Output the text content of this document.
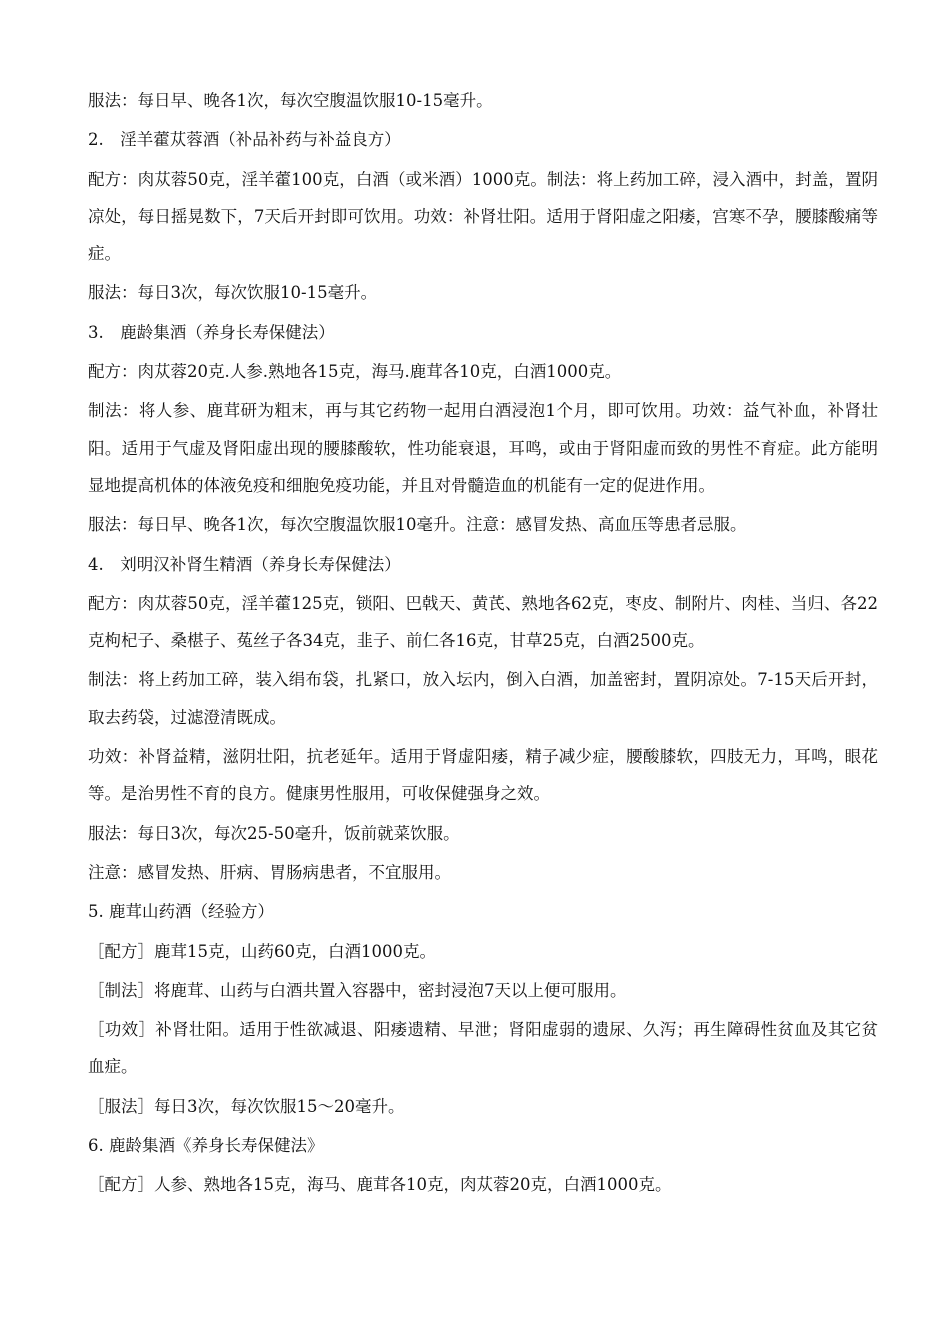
服法：每日早、晚各1次，每次空腹温饮服10-15毫升。

2.　淫羊藿苁蓉酒（补品补药与补益良方）

配方：肉苁蓉50克，淫羊藿100克，白酒（或米酒）1000克。制法：将上药加工碎，浸入酒中，封盖，置阴凉处，每日摇晃数下，7天后开封即可饮用。功效：补肾壮阳。适用于肾阳虚之阳痿，宫寒不孕，腰膝酸痛等症。

服法：每日3次，每次饮服10-15毫升。

3.　鹿龄集酒（养身长寿保健法）

配方：肉苁蓉20克.人参.熟地各15克，海马.鹿茸各10克，白酒1000克。

制法：将人参、鹿茸研为粗末，再与其它药物一起用白酒浸泡1个月，即可饮用。功效：益气补血，补肾壮阳。适用于气虚及肾阳虚出现的腰膝酸软，性功能衰退，耳鸣，或由于肾阳虚而致的男性不育症。此方能明显地提高机体的体液免疫和细胞免疫功能，并且对骨髓造血的机能有一定的促进作用。

服法：每日早、晚各1次，每次空腹温饮服10毫升。注意：感冒发热、高血压等患者忌服。

4.　刘明汉补肾生精酒（养身长寿保健法）

配方：肉苁蓉50克，淫羊藿125克，锁阳、巴戟天、黄芪、熟地各62克，枣皮、制附片、肉桂、当归、各22克枸杞子、桑椹子、菟丝子各34克，韭子、前仁各16克，甘草25克，白酒2500克。

制法：将上药加工碎，装入绢布袋，扎紧口，放入坛内，倒入白酒，加盖密封，置阴凉处。7-15天后开封，取去药袋，过滤澄清既成。

功效：补肾益精，滋阴壮阳，抗老延年。适用于肾虚阳痿，精子减少症，腰酸膝软，四肢无力，耳鸣，眼花等。是治男性不育的良方。健康男性服用，可收保健强身之效。

服法：每日3次，每次25-50毫升，饭前就菜饮服。

注意：感冒发热、肝病、胃肠病患者，不宜服用。

5. 鹿茸山药酒（经验方）

［配方］鹿茸15克，山药60克，白酒1000克。

［制法］将鹿茸、山药与白酒共置入容器中，密封浸泡7天以上便可服用。

［功效］补肾壮阳。适用于性欲减退、阳痿遗精、早泄；肾阳虚弱的遗尿、久泻；再生障碍性贫血及其它贫血症。

［服法］每日3次，每次饮服15～20毫升。

6. 鹿龄集酒《养身长寿保健法》

［配方］人参、熟地各15克，海马、鹿茸各10克，肉苁蓉20克，白酒1000克。
